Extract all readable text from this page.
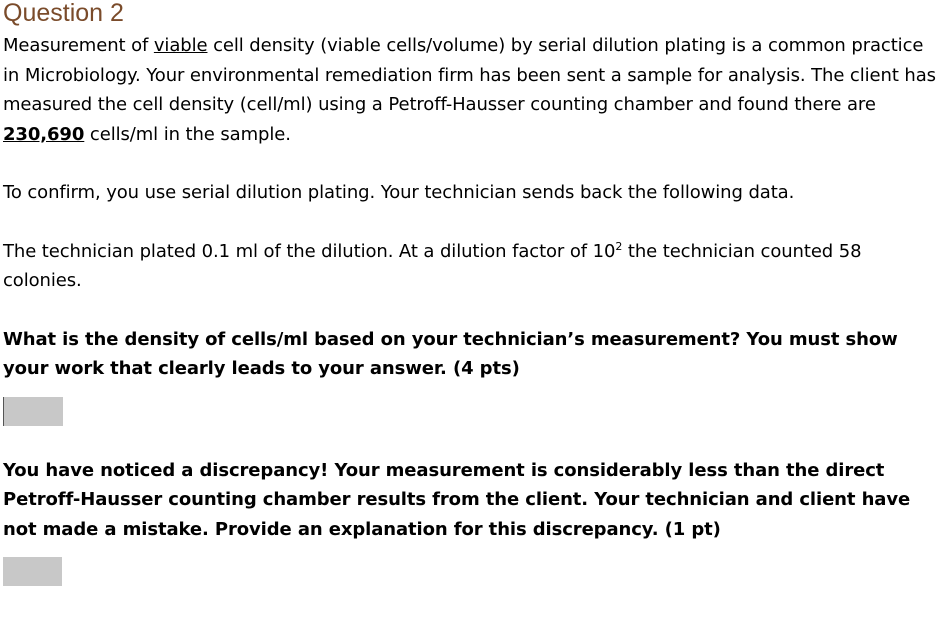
Question 2

Measurement of viable cell density (viable cells/volume) by serial dilution plating is a common practice in Microbiology. Your environmental remediation firm has been sent a sample for analysis. The client has measured the cell density (cell/ml) using a Petroff-Hausser counting chamber and found there are 230,690 cells/ml in the sample.

To confirm, you use serial dilution plating. Your technician sends back the following data.

The technician plated 0.1 ml of the dilution. At a dilution factor of $10^2$ the technician counted 58 colonies.

What is the density of cells/ml based on your technician’s measurement? You must show your work that clearly leads to your answer. (4 pts)

You have noticed a discrepancy! Your measurement is considerably less than the direct Petroff-Hausser counting chamber results from the client. Your technician and client have not made a mistake. Provide an explanation for this discrepancy. (1 pt)
